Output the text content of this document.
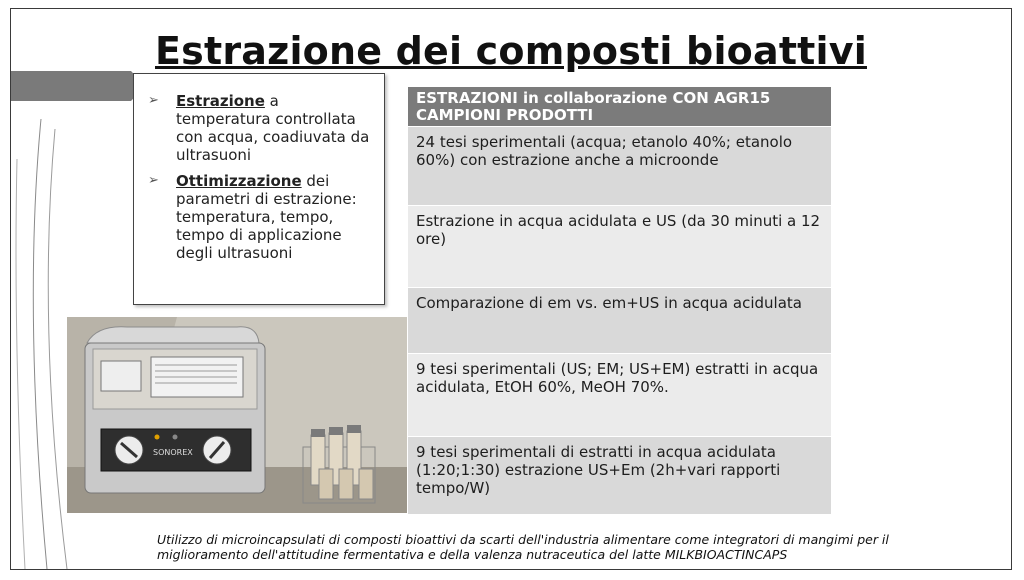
Estrazione dei composti bioattivi
➢ Estrazione a temperatura controllata con acqua, coadiuvata da ultrasuoni
➢ Ottimizzazione dei parametri di estrazione: temperatura, tempo, tempo di applicazione degli ultrasuoni
SONOREX
ESTRAZIONI in collaborazione CON AGR15 CAMPIONI PRODOTTI
24 tesi sperimentali (acqua; etanolo 40%; etanolo 60%) con estrazione anche a microonde
Estrazione in acqua acidulata e US (da 30 minuti a 12 ore)
Comparazione di em vs. em+US in acqua acidulata
9 tesi sperimentali (US; EM; US+EM) estratti in acqua acidulata, EtOH 60%, MeOH 70%.
9 tesi sperimentali di estratti in acqua acidulata (1:20;1:30) estrazione US+Em (2h+vari rapporti tempo/W)
Utilizzo di microincapsulati di composti bioattivi da scarti dell'industria alimentare come integratori di mangimi per il miglioramento dell'attitudine fermentativa e della valenza nutraceutica del latte MILKBIOACTINCAPS
